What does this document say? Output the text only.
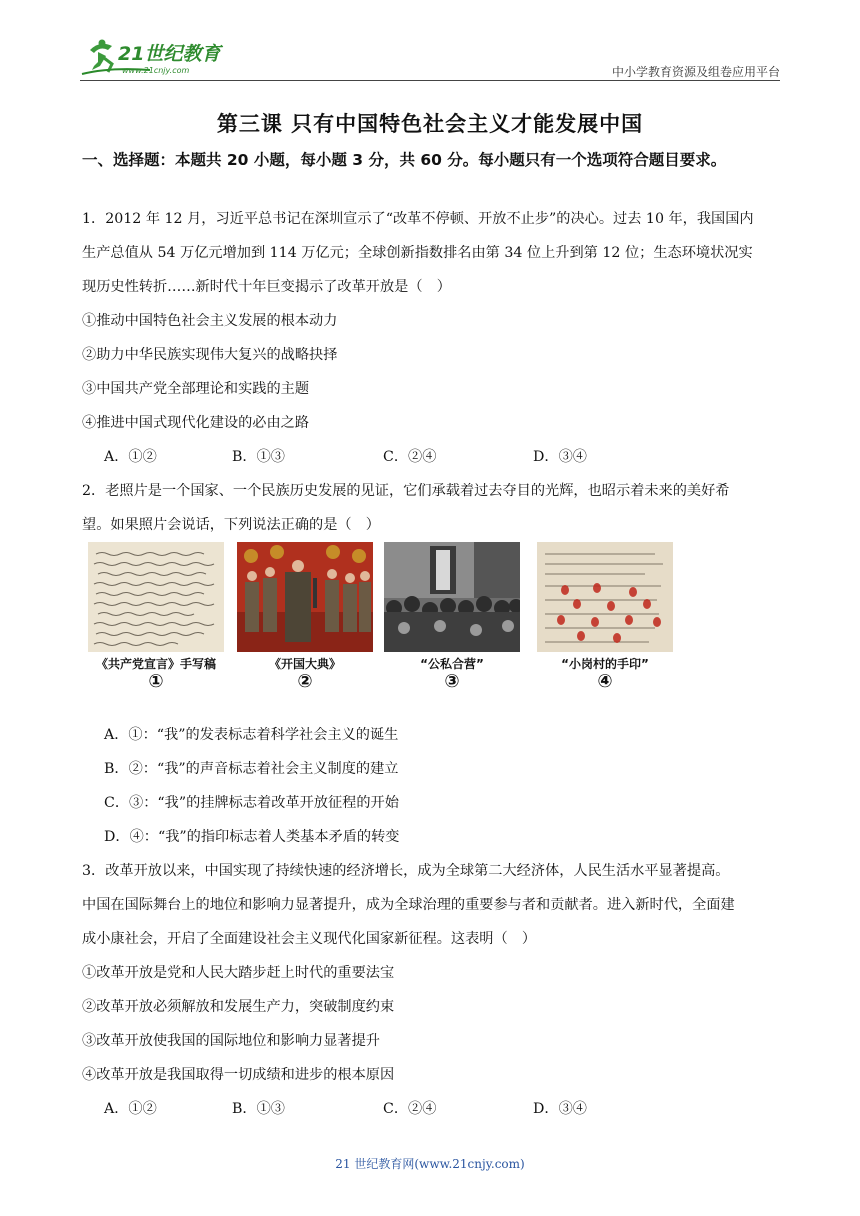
21世纪教育
www.21cnjy.com	中小学教育资源及组卷应用平台
第三课 只有中国特色社会主义才能发展中国
一、选择题：本题共 20 小题，每小题 3 分，共 60 分。每小题只有一个选项符合题目要求。
1．2012 年 12 月，习近平总书记在深圳宣示了“改革不停顿、开放不止步”的决心。过去 10 年，我国国内
生产总值从 54 万亿元增加到 114 万亿元；全球创新指数排名由第 34 位上升到第 12 位；生态环境状况实
现历史性转折……新时代十年巨变揭示了改革开放是（　）
①推动中国特色社会主义发展的根本动力
②助力中华民族实现伟大复兴的战略抉择
③中国共产党全部理论和实践的主题
④推进中国式现代化建设的必由之路
A．①②	B．①③	C．②④	D．③④
2．老照片是一个国家、一个民族历史发展的见证，它们承载着过去夺目的光辉，也昭示着未来的美好希
望。如果照片会说话，下列说法正确的是（　）
《共产党宣言》手写稿	《开国大典》	“公私合营”	“小岗村的手印”
①	②	③	④
A．①：“我”的发表标志着科学社会主义的诞生
B．②：“我”的声音标志着社会主义制度的建立
C．③：“我”的挂牌标志着改革开放征程的开始
D．④：“我”的指印标志着人类基本矛盾的转变
3．改革开放以来，中国实现了持续快速的经济增长，成为全球第二大经济体，人民生活水平显著提高。
中国在国际舞台上的地位和影响力显著提升，成为全球治理的重要参与者和贡献者。进入新时代，全面建
成小康社会，开启了全面建设社会主义现代化国家新征程。这表明（　）
①改革开放是党和人民大踏步赶上时代的重要法宝
②改革开放必须解放和发展生产力，突破制度约束
③改革开放使我国的国际地位和影响力显著提升
④改革开放是我国取得一切成绩和进步的根本原因
A．①②	B．①③	C．②④	D．③④
21 世纪教育网(www.21cnjy.com)
